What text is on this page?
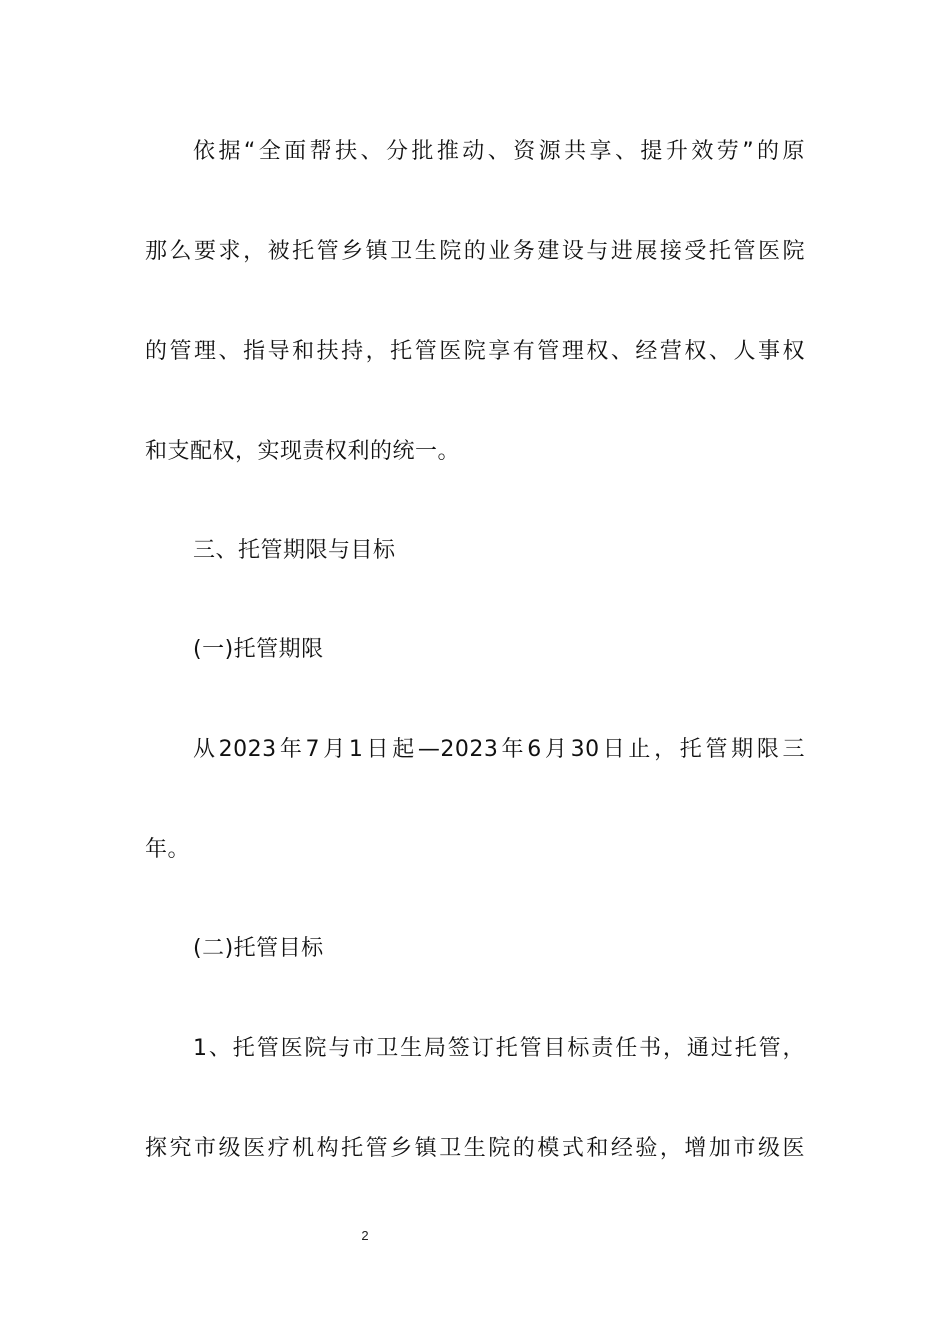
依据“全面帮扶、分批推动、资源共享、提升效劳”的原
那么要求，被托管乡镇卫生院的业务建设与进展接受托管医院
的管理、指导和扶持，托管医院享有管理权、经营权、人事权
和支配权，实现责权利的统一。
三、托管期限与目标
(一)托管期限
从2023年7月1日起—2023年6月30日止，托管期限三
年。
(二)托管目标
1、托管医院与市卫生局签订托管目标责任书，通过托管，
探究市级医疗机构托管乡镇卫生院的模式和经验，增加市级医
2
